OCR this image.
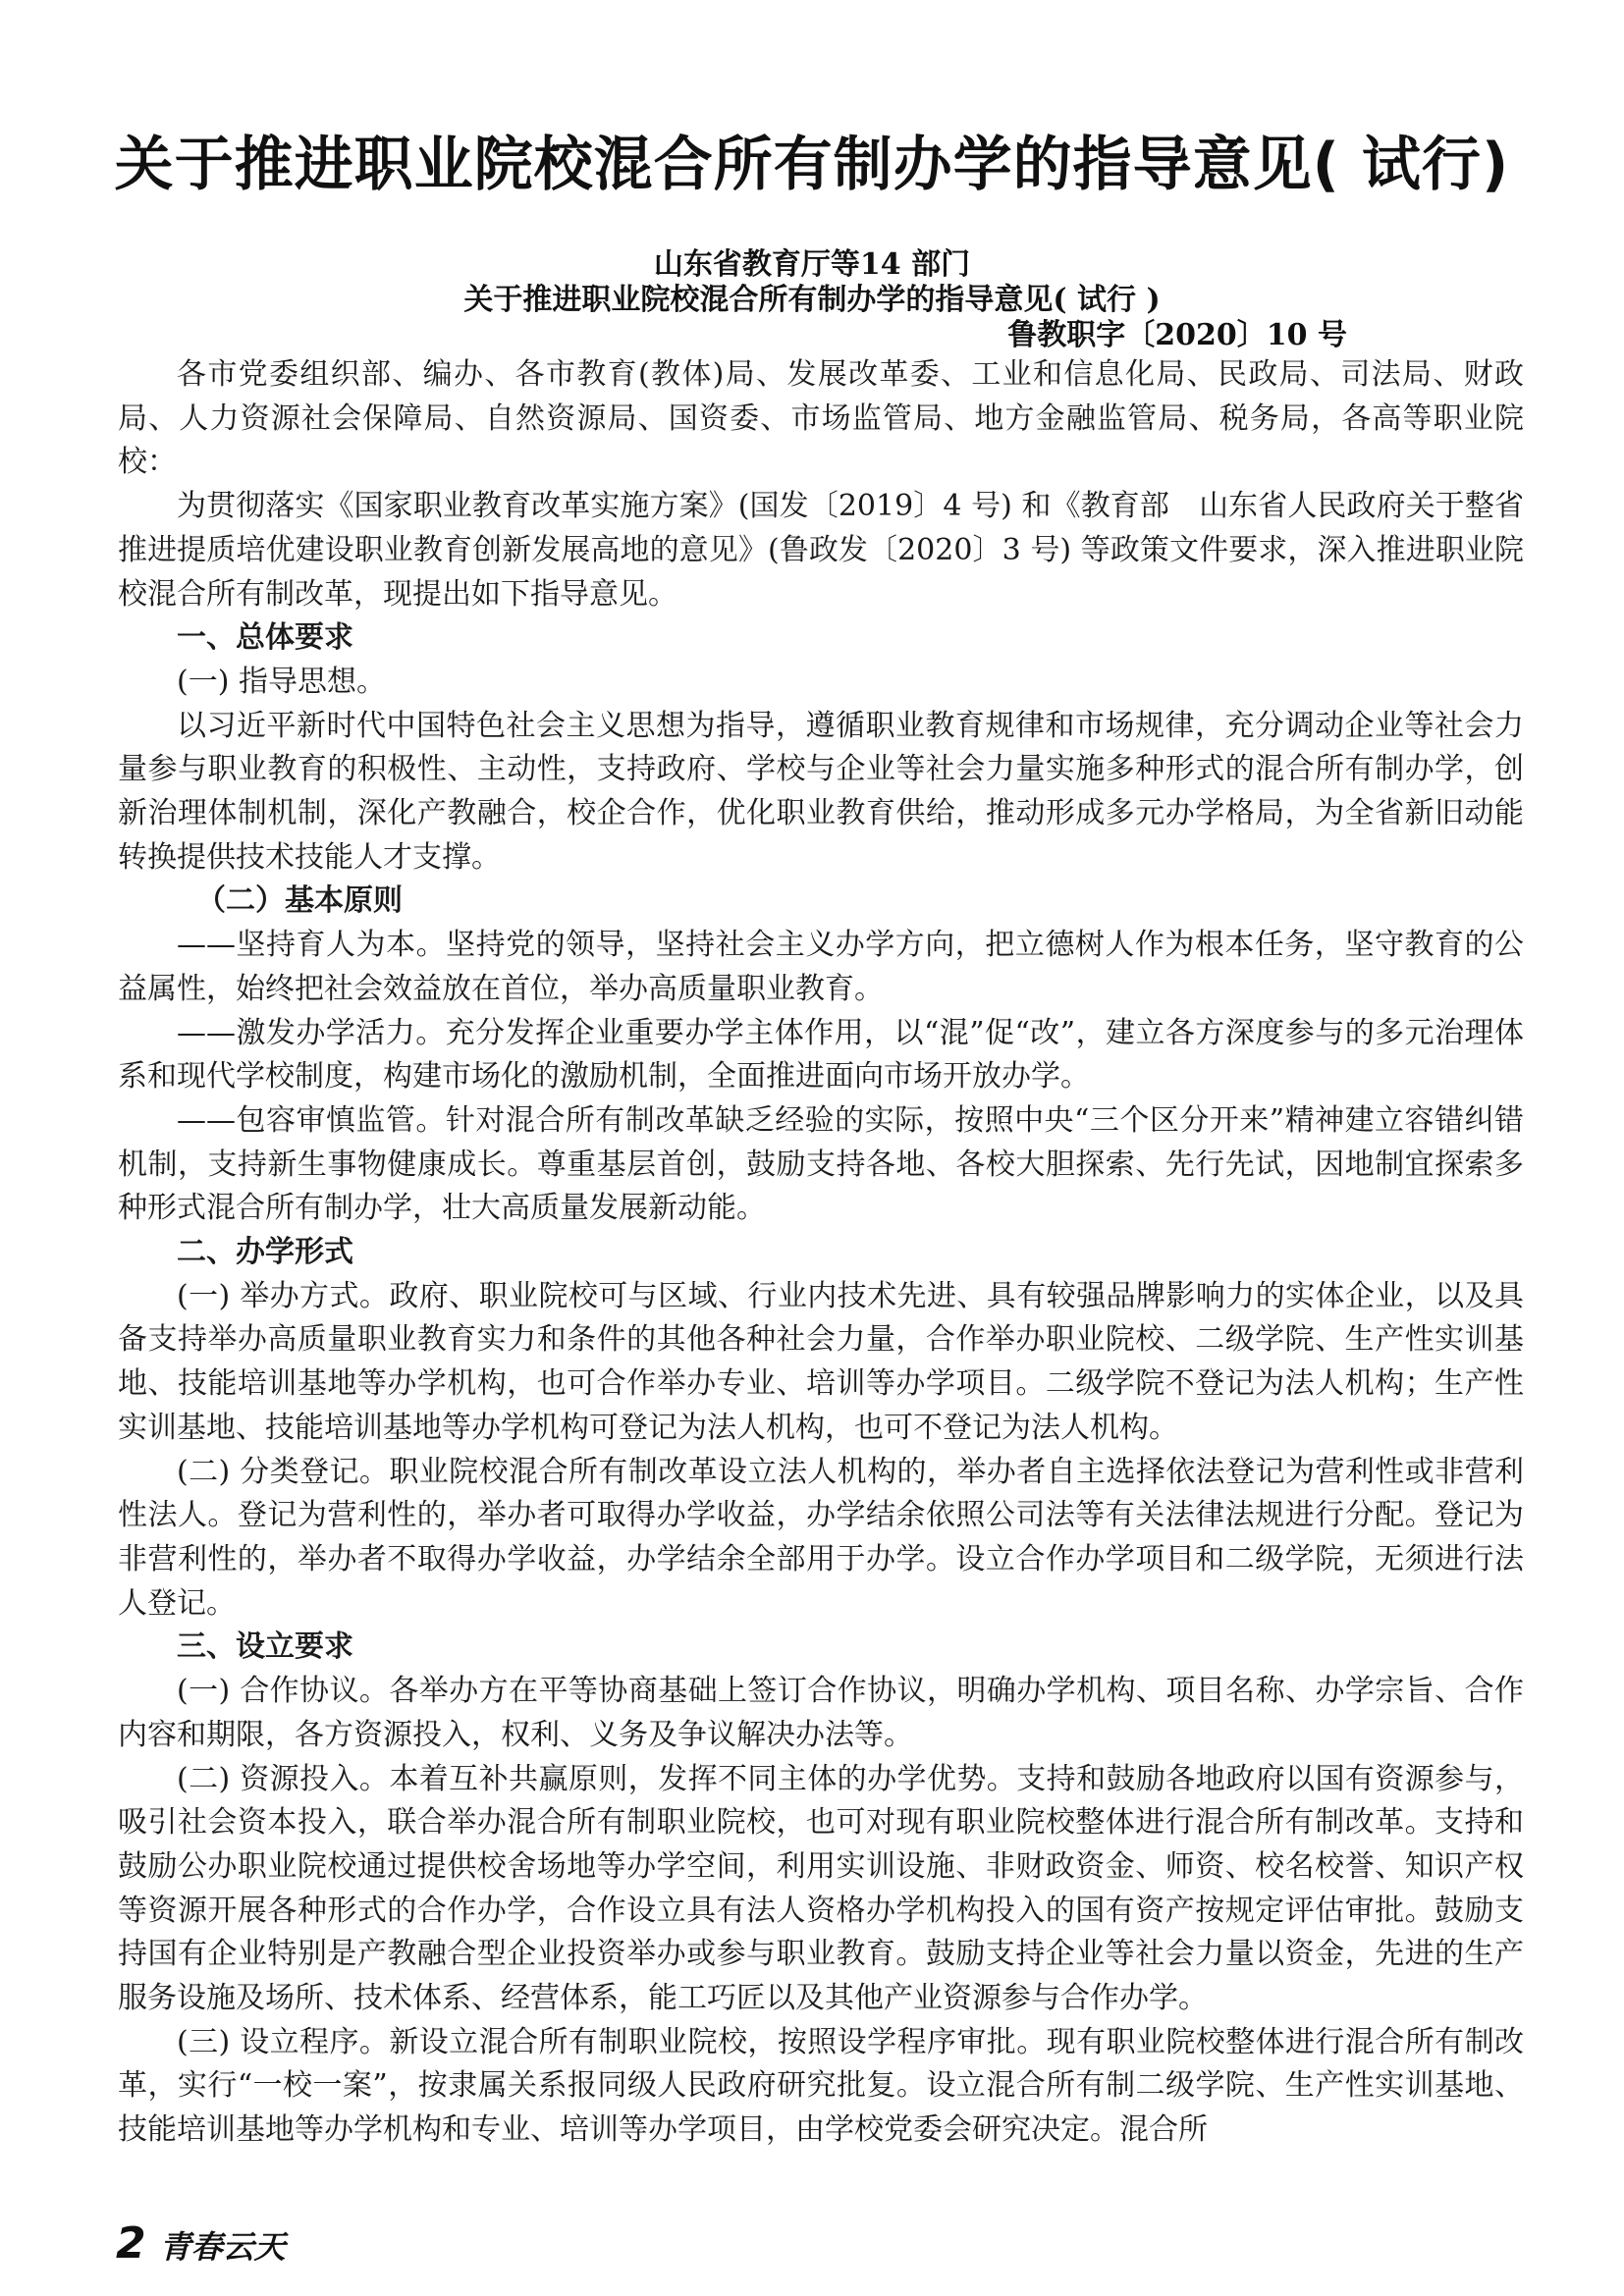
关于推进职业院校混合所有制办学的指导意见( 试行)
山东省教育厅等14 部门
关于推进职业院校混合所有制办学的指导意见( 试行 )
鲁教职字〔2020〕10 号

各市党委组织部、编办、各市教育(教体)局、发展改革委、工业和信息化局、民政局、司法局、财政局、人力资源社会保障局、自然资源局、国资委、市场监管局、地方金融监管局、税务局，各高等职业院校：

为贯彻落实《国家职业教育改革实施方案》(国发〔2019〕4 号) 和《教育部　山东省人民政府关于整省推进提质培优建设职业教育创新发展高地的意见》(鲁政发〔2020〕3 号) 等政策文件要求，深入推进职业院校混合所有制改革，现提出如下指导意见。

一、总体要求

(一) 指导思想。

以习近平新时代中国特色社会主义思想为指导，遵循职业教育规律和市场规律，充分调动企业等社会力量参与职业教育的积极性、主动性，支持政府、学校与企业等社会力量实施多种形式的混合所有制办学，创新治理体制机制，深化产教融合，校企合作，优化职业教育供给，推动形成多元办学格局，为全省新旧动能转换提供技术技能人才支撑。

（二）基本原则

——坚持育人为本。坚持党的领导，坚持社会主义办学方向，把立德树人作为根本任务，坚守教育的公益属性，始终把社会效益放在首位，举办高质量职业教育。

——激发办学活力。充分发挥企业重要办学主体作用，以“混”促“改”，建立各方深度参与的多元治理体系和现代学校制度，构建市场化的激励机制，全面推进面向市场开放办学。

——包容审慎监管。针对混合所有制改革缺乏经验的实际，按照中央“三个区分开来”精神建立容错纠错机制，支持新生事物健康成长。尊重基层首创，鼓励支持各地、各校大胆探索、先行先试，因地制宜探索多种形式混合所有制办学，壮大高质量发展新动能。

二、办学形式

(一) 举办方式。政府、职业院校可与区域、行业内技术先进、具有较强品牌影响力的实体企业，以及具备支持举办高质量职业教育实力和条件的其他各种社会力量，合作举办职业院校、二级学院、生产性实训基地、技能培训基地等办学机构，也可合作举办专业、培训等办学项目。二级学院不登记为法人机构；生产性实训基地、技能培训基地等办学机构可登记为法人机构，也可不登记为法人机构。

(二) 分类登记。职业院校混合所有制改革设立法人机构的，举办者自主选择依法登记为营利性或非营利性法人。登记为营利性的，举办者可取得办学收益，办学结余依照公司法等有关法律法规进行分配。登记为非营利性的，举办者不取得办学收益，办学结余全部用于办学。设立合作办学项目和二级学院，无须进行法人登记。

三、设立要求

(一) 合作协议。各举办方在平等协商基础上签订合作协议，明确办学机构、项目名称、办学宗旨、合作内容和期限，各方资源投入，权利、义务及争议解决办法等。

(二) 资源投入。本着互补共赢原则，发挥不同主体的办学优势。支持和鼓励各地政府以国有资源参与，吸引社会资本投入，联合举办混合所有制职业院校，也可对现有职业院校整体进行混合所有制改革。支持和鼓励公办职业院校通过提供校舍场地等办学空间，利用实训设施、非财政资金、师资、校名校誉、知识产权等资源开展各种形式的合作办学，合作设立具有法人资格办学机构投入的国有资产按规定评估审批。鼓励支持国有企业特别是产教融合型企业投资举办或参与职业教育。鼓励支持企业等社会力量以资金，先进的生产服务设施及场所、技术体系、经营体系，能工巧匠以及其他产业资源参与合作办学。

(三) 设立程序。新设立混合所有制职业院校，按照设学程序审批。现有职业院校整体进行混合所有制改革，实行“一校一案”，按隶属关系报同级人民政府研究批复。设立混合所有制二级学院、生产性实训基地、技能培训基地等办学机构和专业、培训等办学项目，由学校党委会研究决定。混合所

2 青春云天
